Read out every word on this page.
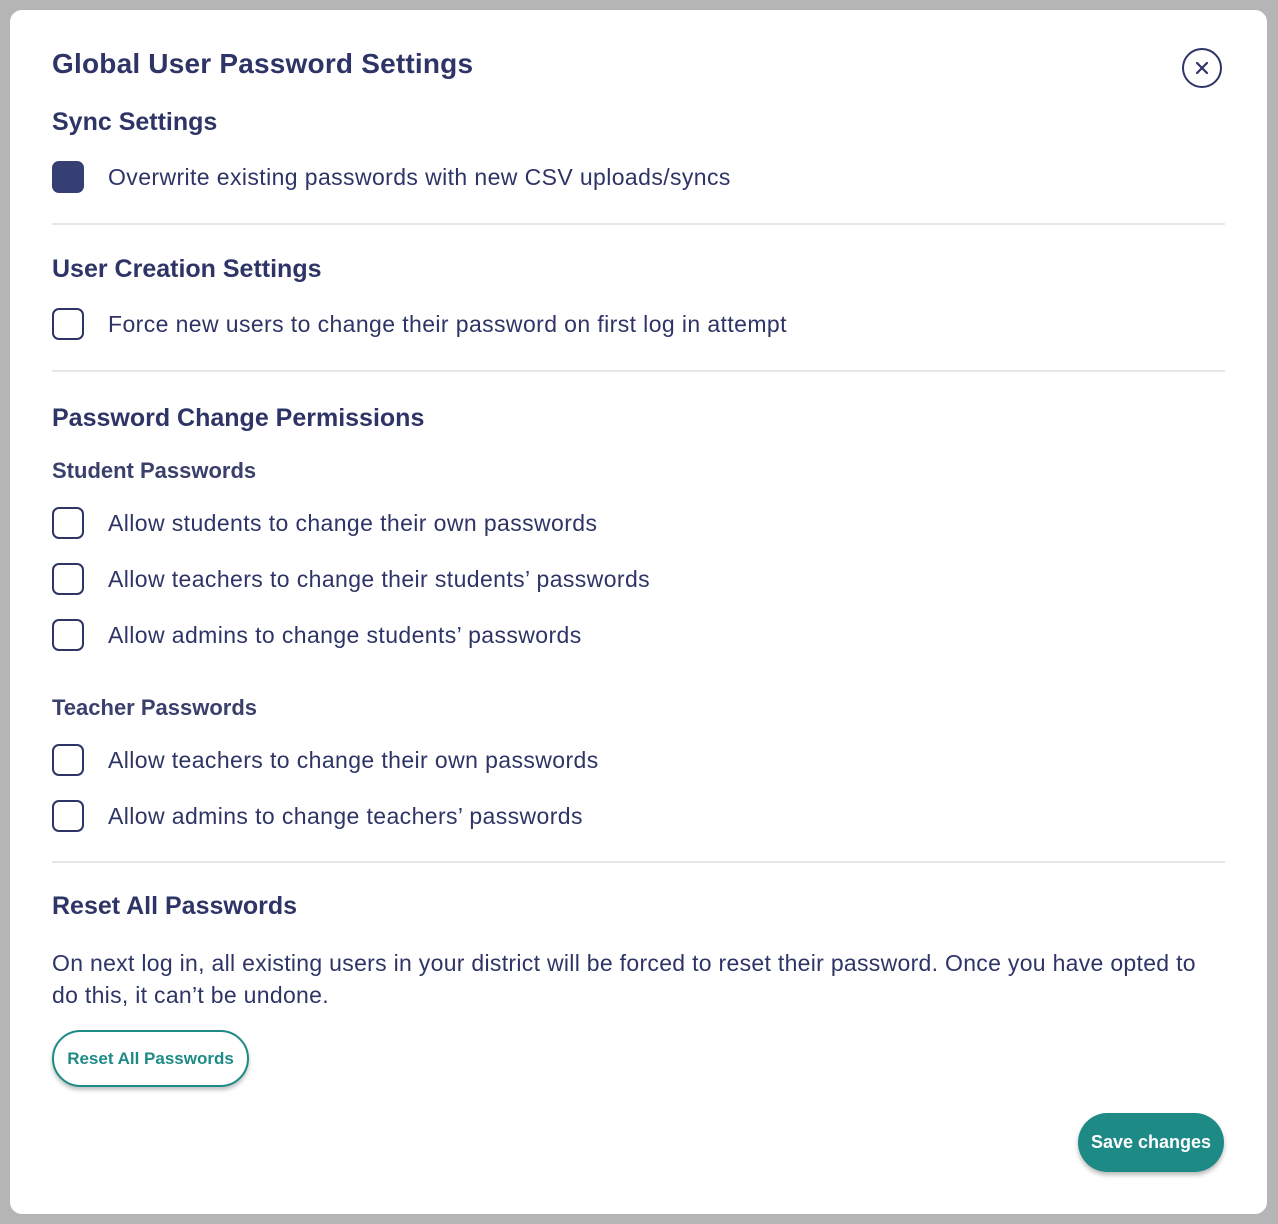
Global User Password Settings
Sync Settings
Overwrite existing passwords with new CSV uploads/syncs
User Creation Settings
Force new users to change their password on first log in attempt
Password Change Permissions
Student Passwords
Allow students to change their own passwords
Allow teachers to change their students’ passwords
Allow admins to change students’ passwords
Teacher Passwords
Allow teachers to change their own passwords
Allow admins to change teachers’ passwords
Reset All Passwords

On next log in, all existing users in your district will be forced to reset their password. Once you have opted to do this, it can’t be undone.

Reset All Passwords
Save changes
